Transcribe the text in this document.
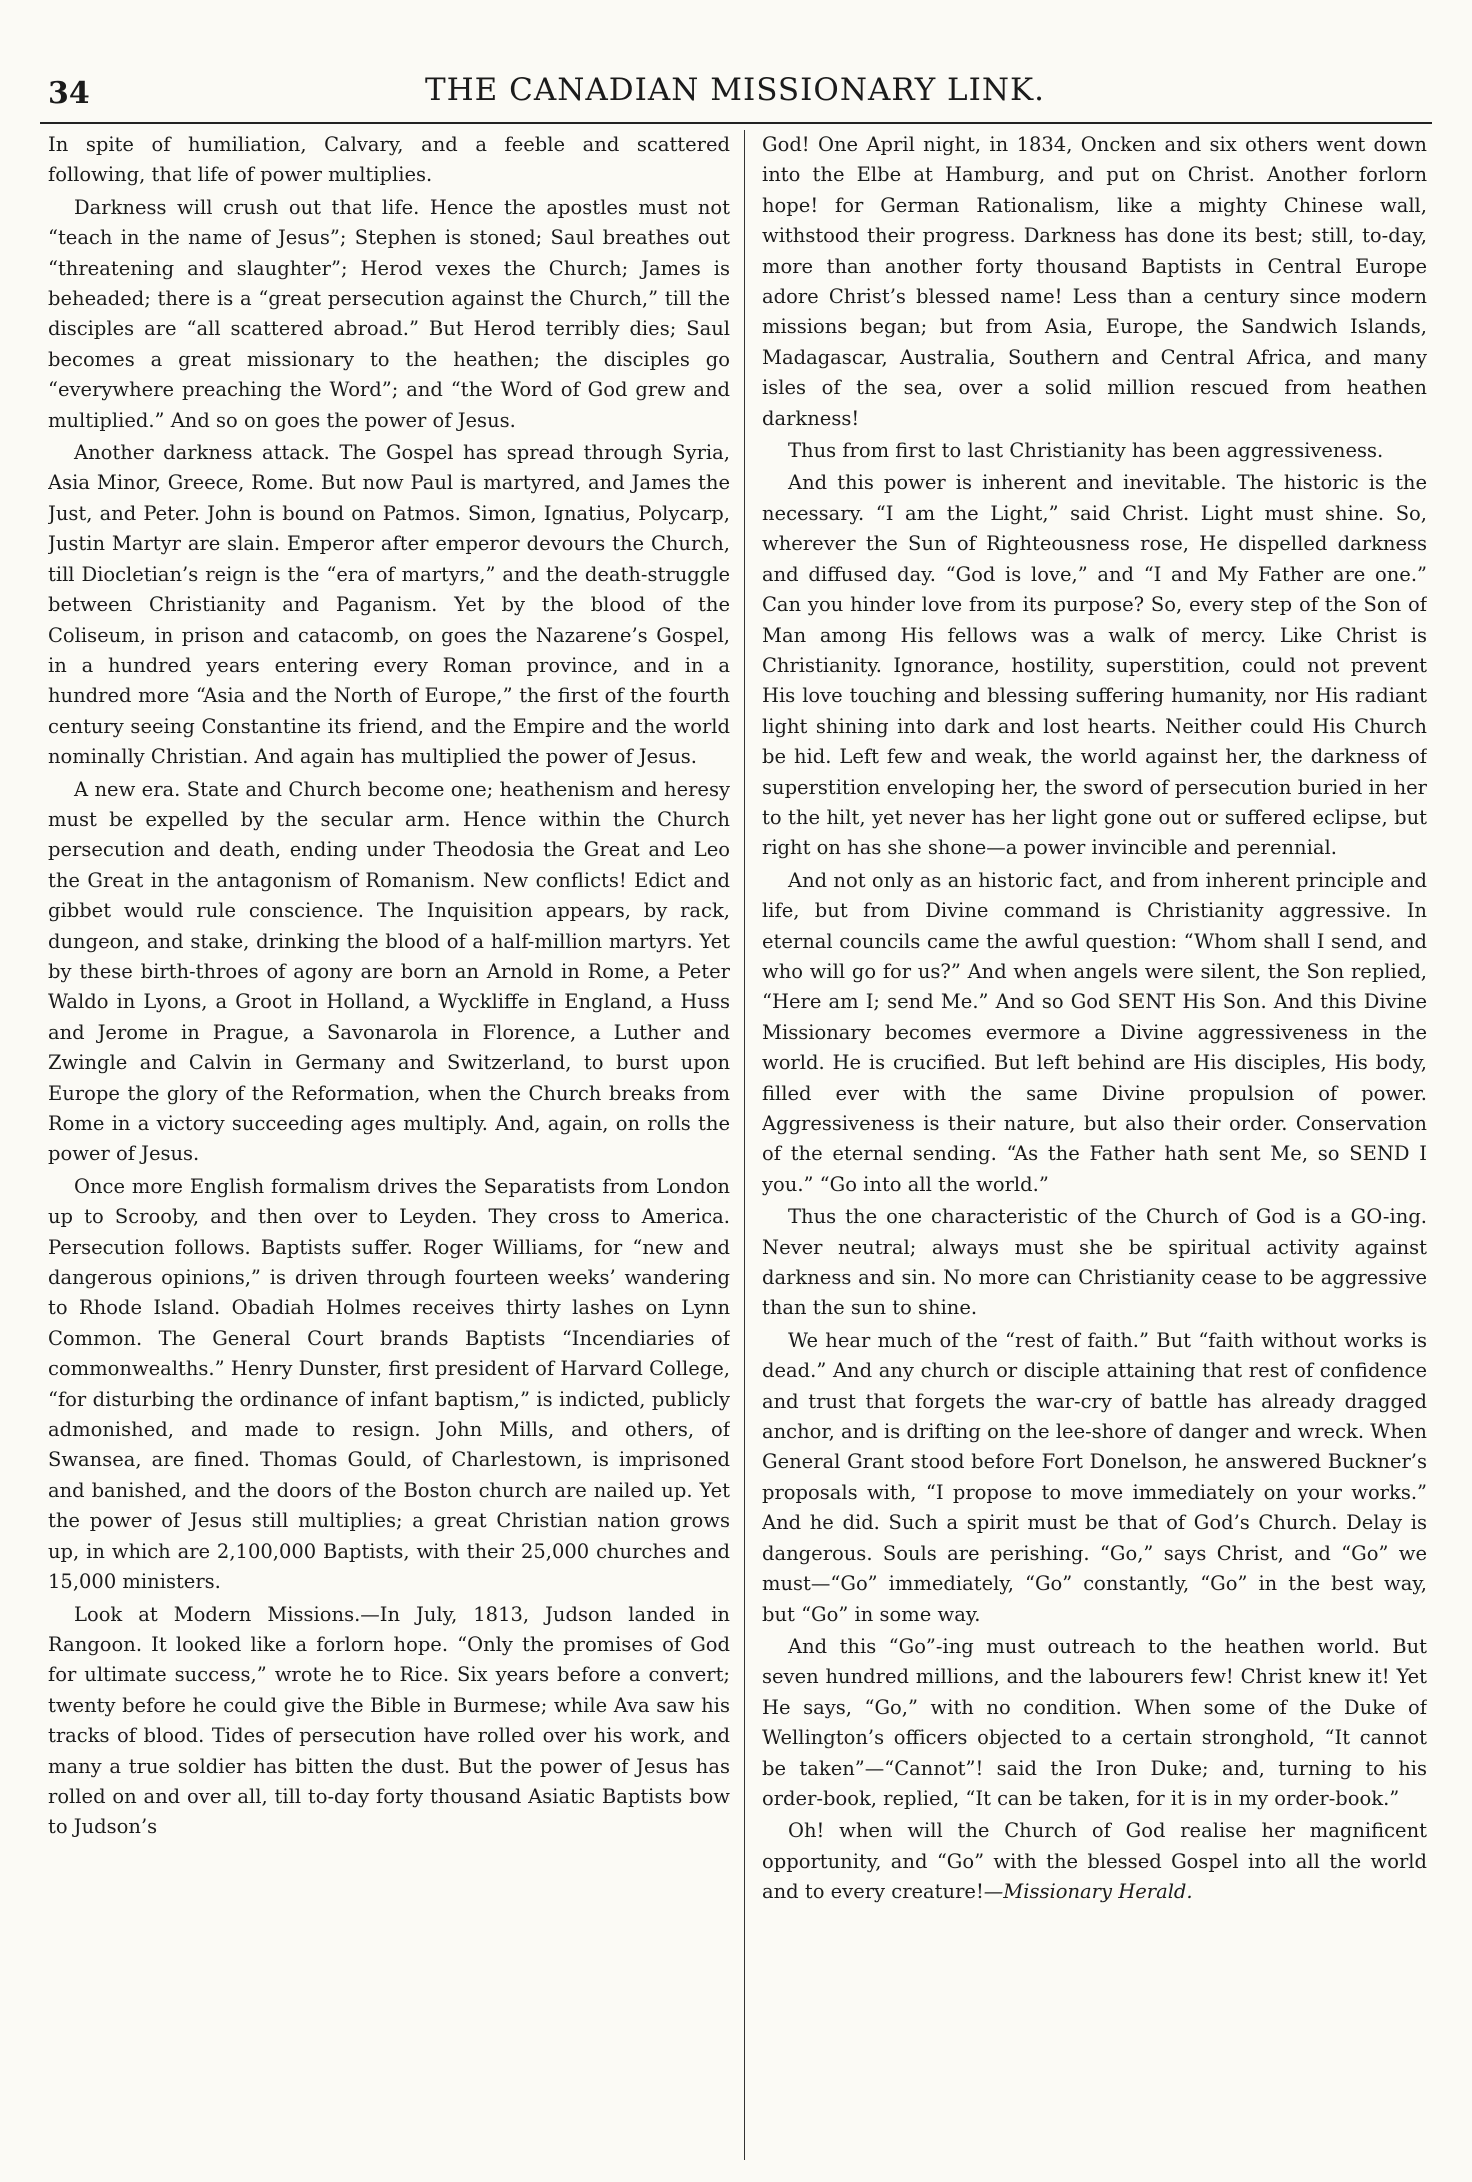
34	THE CANADIAN MISSIONARY LINK.

In spite of humiliation, Calvary, and a feeble and scattered following, that life of power multiplies.

Darkness will crush out that life. Hence the apostles must not “teach in the name of Jesus”; Stephen is stoned; Saul breathes out “threatening and slaughter”; Herod vexes the Church; James is beheaded; there is a “great persecution against the Church,” till the disciples are “all scattered abroad.” But Herod terribly dies; Saul becomes a great missionary to the heathen; the disciples go “everywhere preaching the Word”; and “the Word of God grew and multiplied.” And so on goes the power of Jesus.

Another darkness attack. The Gospel has spread through Syria, Asia Minor, Greece, Rome. But now Paul is martyred, and James the Just, and Peter. John is bound on Patmos. Simon, Ignatius, Polycarp, Justin Martyr are slain. Emperor after emperor devours the Church, till Diocletian’s reign is the “era of martyrs,” and the death-struggle between Christianity and Paganism. Yet by the blood of the Coliseum, in prison and catacomb, on goes the Nazarene’s Gospel, in a hundred years entering every Roman province, and in a hundred more “Asia and the North of Europe,” the first of the fourth century seeing Constantine its friend, and the Empire and the world nominally Christian. And again has multiplied the power of Jesus.

A new era. State and Church become one; heathenism and heresy must be expelled by the secular arm. Hence within the Church persecution and death, ending under Theodosia the Great and Leo the Great in the antagonism of Romanism. New conflicts! Edict and gibbet would rule conscience. The Inquisition appears, by rack, dungeon, and stake, drinking the blood of a half-million martyrs. Yet by these birth-throes of agony are born an Arnold in Rome, a Peter Waldo in Lyons, a Groot in Holland, a Wyckliffe in England, a Huss and Jerome in Prague, a Savonarola in Florence, a Luther and Zwingle and Calvin in Germany and Switzerland, to burst upon Europe the glory of the Reformation, when the Church breaks from Rome in a victory succeeding ages multiply. And, again, on rolls the power of Jesus.

Once more English formalism drives the Separatists from London up to Scrooby, and then over to Leyden. They cross to America. Persecution follows. Baptists suffer. Roger Williams, for “new and dangerous opinions,” is driven through fourteen weeks’ wandering to Rhode Island. Obadiah Holmes receives thirty lashes on Lynn Common. The General Court brands Baptists “Incendiaries of commonwealths.” Henry Dunster, first president of Harvard College, “for disturbing the ordinance of infant baptism,” is indicted, publicly admonished, and made to resign. John Mills, and others, of Swansea, are fined. Thomas Gould, of Charlestown, is imprisoned and banished, and the doors of the Boston church are nailed up. Yet the power of Jesus still multiplies; a great Christian nation grows up, in which are 2,100,000 Baptists, with their 25,000 churches and 15,000 ministers.

Look at Modern Missions.—In July, 1813, Judson landed in Rangoon. It looked like a forlorn hope. “Only the promises of God for ultimate success,” wrote he to Rice. Six years before a convert; twenty before he could give the Bible in Burmese; while Ava saw his tracks of blood. Tides of persecution have rolled over his work, and many a true soldier has bitten the dust. But the power of Jesus has rolled on and over all, till to-day forty thousand Asiatic Baptists bow to Judson’s

God! One April night, in 1834, Oncken and six others went down into the Elbe at Hamburg, and put on Christ. Another forlorn hope! for German Rationalism, like a mighty Chinese wall, withstood their progress. Darkness has done its best; still, to-day, more than another forty thousand Baptists in Central Europe adore Christ’s blessed name! Less than a century since modern missions began; but from Asia, Europe, the Sandwich Islands, Madagascar, Australia, Southern and Central Africa, and many isles of the sea, over a solid million rescued from heathen darkness!

Thus from first to last Christianity has been aggressiveness.

And this power is inherent and inevitable. The historic is the necessary. “I am the Light,” said Christ. Light must shine. So, wherever the Sun of Righteousness rose, He dispelled darkness and diffused day. “God is love,” and “I and My Father are one.” Can you hinder love from its purpose? So, every step of the Son of Man among His fellows was a walk of mercy. Like Christ is Christianity. Ignorance, hostility, superstition, could not prevent His love touching and blessing suffering humanity, nor His radiant light shining into dark and lost hearts. Neither could His Church be hid. Left few and weak, the world against her, the darkness of superstition enveloping her, the sword of persecution buried in her to the hilt, yet never has her light gone out or suffered eclipse, but right on has she shone—a power invincible and perennial.

And not only as an historic fact, and from inherent principle and life, but from Divine command is Christianity aggressive. In eternal councils came the awful question: “Whom shall I send, and who will go for us?” And when angels were silent, the Son replied, “Here am I; send Me.” And so God SENT His Son. And this Divine Missionary becomes evermore a Divine aggressiveness in the world. He is crucified. But left behind are His disciples, His body, filled ever with the same Divine propulsion of power. Aggressiveness is their nature, but also their order. Conservation of the eternal sending. “As the Father hath sent Me, so SEND I you.” “Go into all the world.”

Thus the one characteristic of the Church of God is a GO-ing. Never neutral; always must she be spiritual activity against darkness and sin. No more can Christianity cease to be aggressive than the sun to shine.

We hear much of the “rest of faith.” But “faith without works is dead.” And any church or disciple attaining that rest of confidence and trust that forgets the war-cry of battle has already dragged anchor, and is drifting on the lee-shore of danger and wreck. When General Grant stood before Fort Donelson, he answered Buckner’s proposals with, “I propose to move immediately on your works.” And he did. Such a spirit must be that of God’s Church. Delay is dangerous. Souls are perishing. “Go,” says Christ, and “Go” we must—“Go” immediately, “Go” constantly, “Go” in the best way, but “Go” in some way.

And this “Go”-ing must outreach to the heathen world. But seven hundred millions, and the labourers few! Christ knew it! Yet He says, “Go,” with no condition. When some of the Duke of Wellington’s officers objected to a certain stronghold, “It cannot be taken”—“Cannot”! said the Iron Duke; and, turning to his order-book, replied, “It can be taken, for it is in my order-book.”

Oh! when will the Church of God realise her magnificent opportunity, and “Go” with the blessed Gospel into all the world and to every creature!—Missionary Herald.
